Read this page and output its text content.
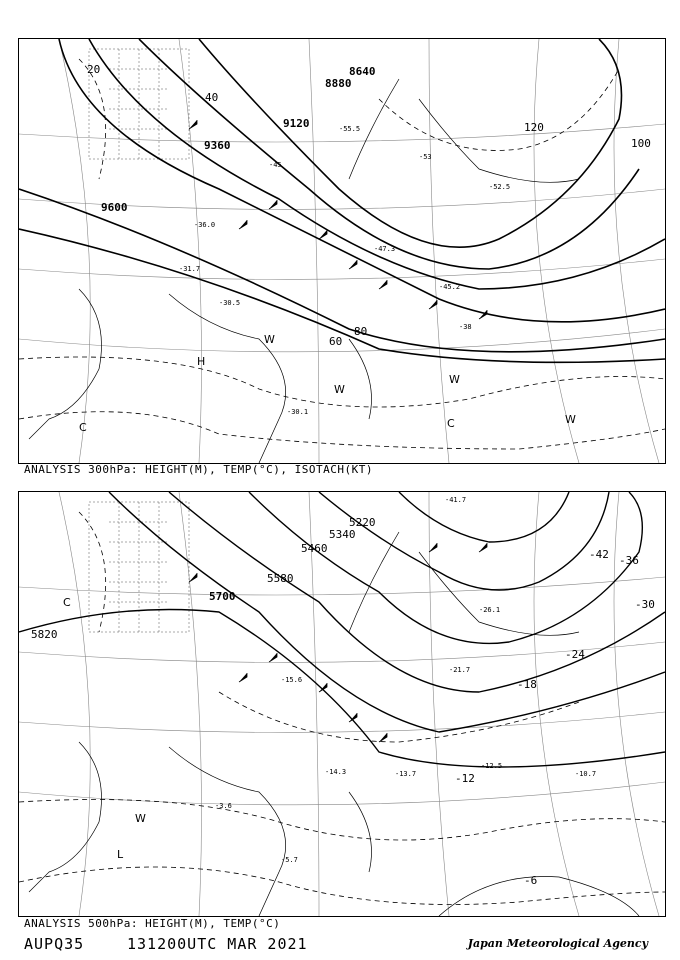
9120
9360
9600
8880
8640
20
40
60
80
100
120
-30.5
-31.7
-36.0
-45
-47.3
-52.5
-53
-55.5
-30.1
-38
-45.2
H
C
W
C
W
W
W
ANALYSIS 300hPa: HEIGHT(M), TEMP(°C), ISOTACH(KT)
5700
5820
5580
5460
5340
5220
-6
-12
-18
-24
-30
-36
-42
-41.7
-12.5
-13.7
-15.6
-21.7
-26.1
-10.7
-5.7
-3.6
-14.3
C
W
L
ANALYSIS 500hPa: HEIGHT(M), TEMP(°C)
AUPQ35	131200UTC MAR 2021	Japan Meteorological Agency
